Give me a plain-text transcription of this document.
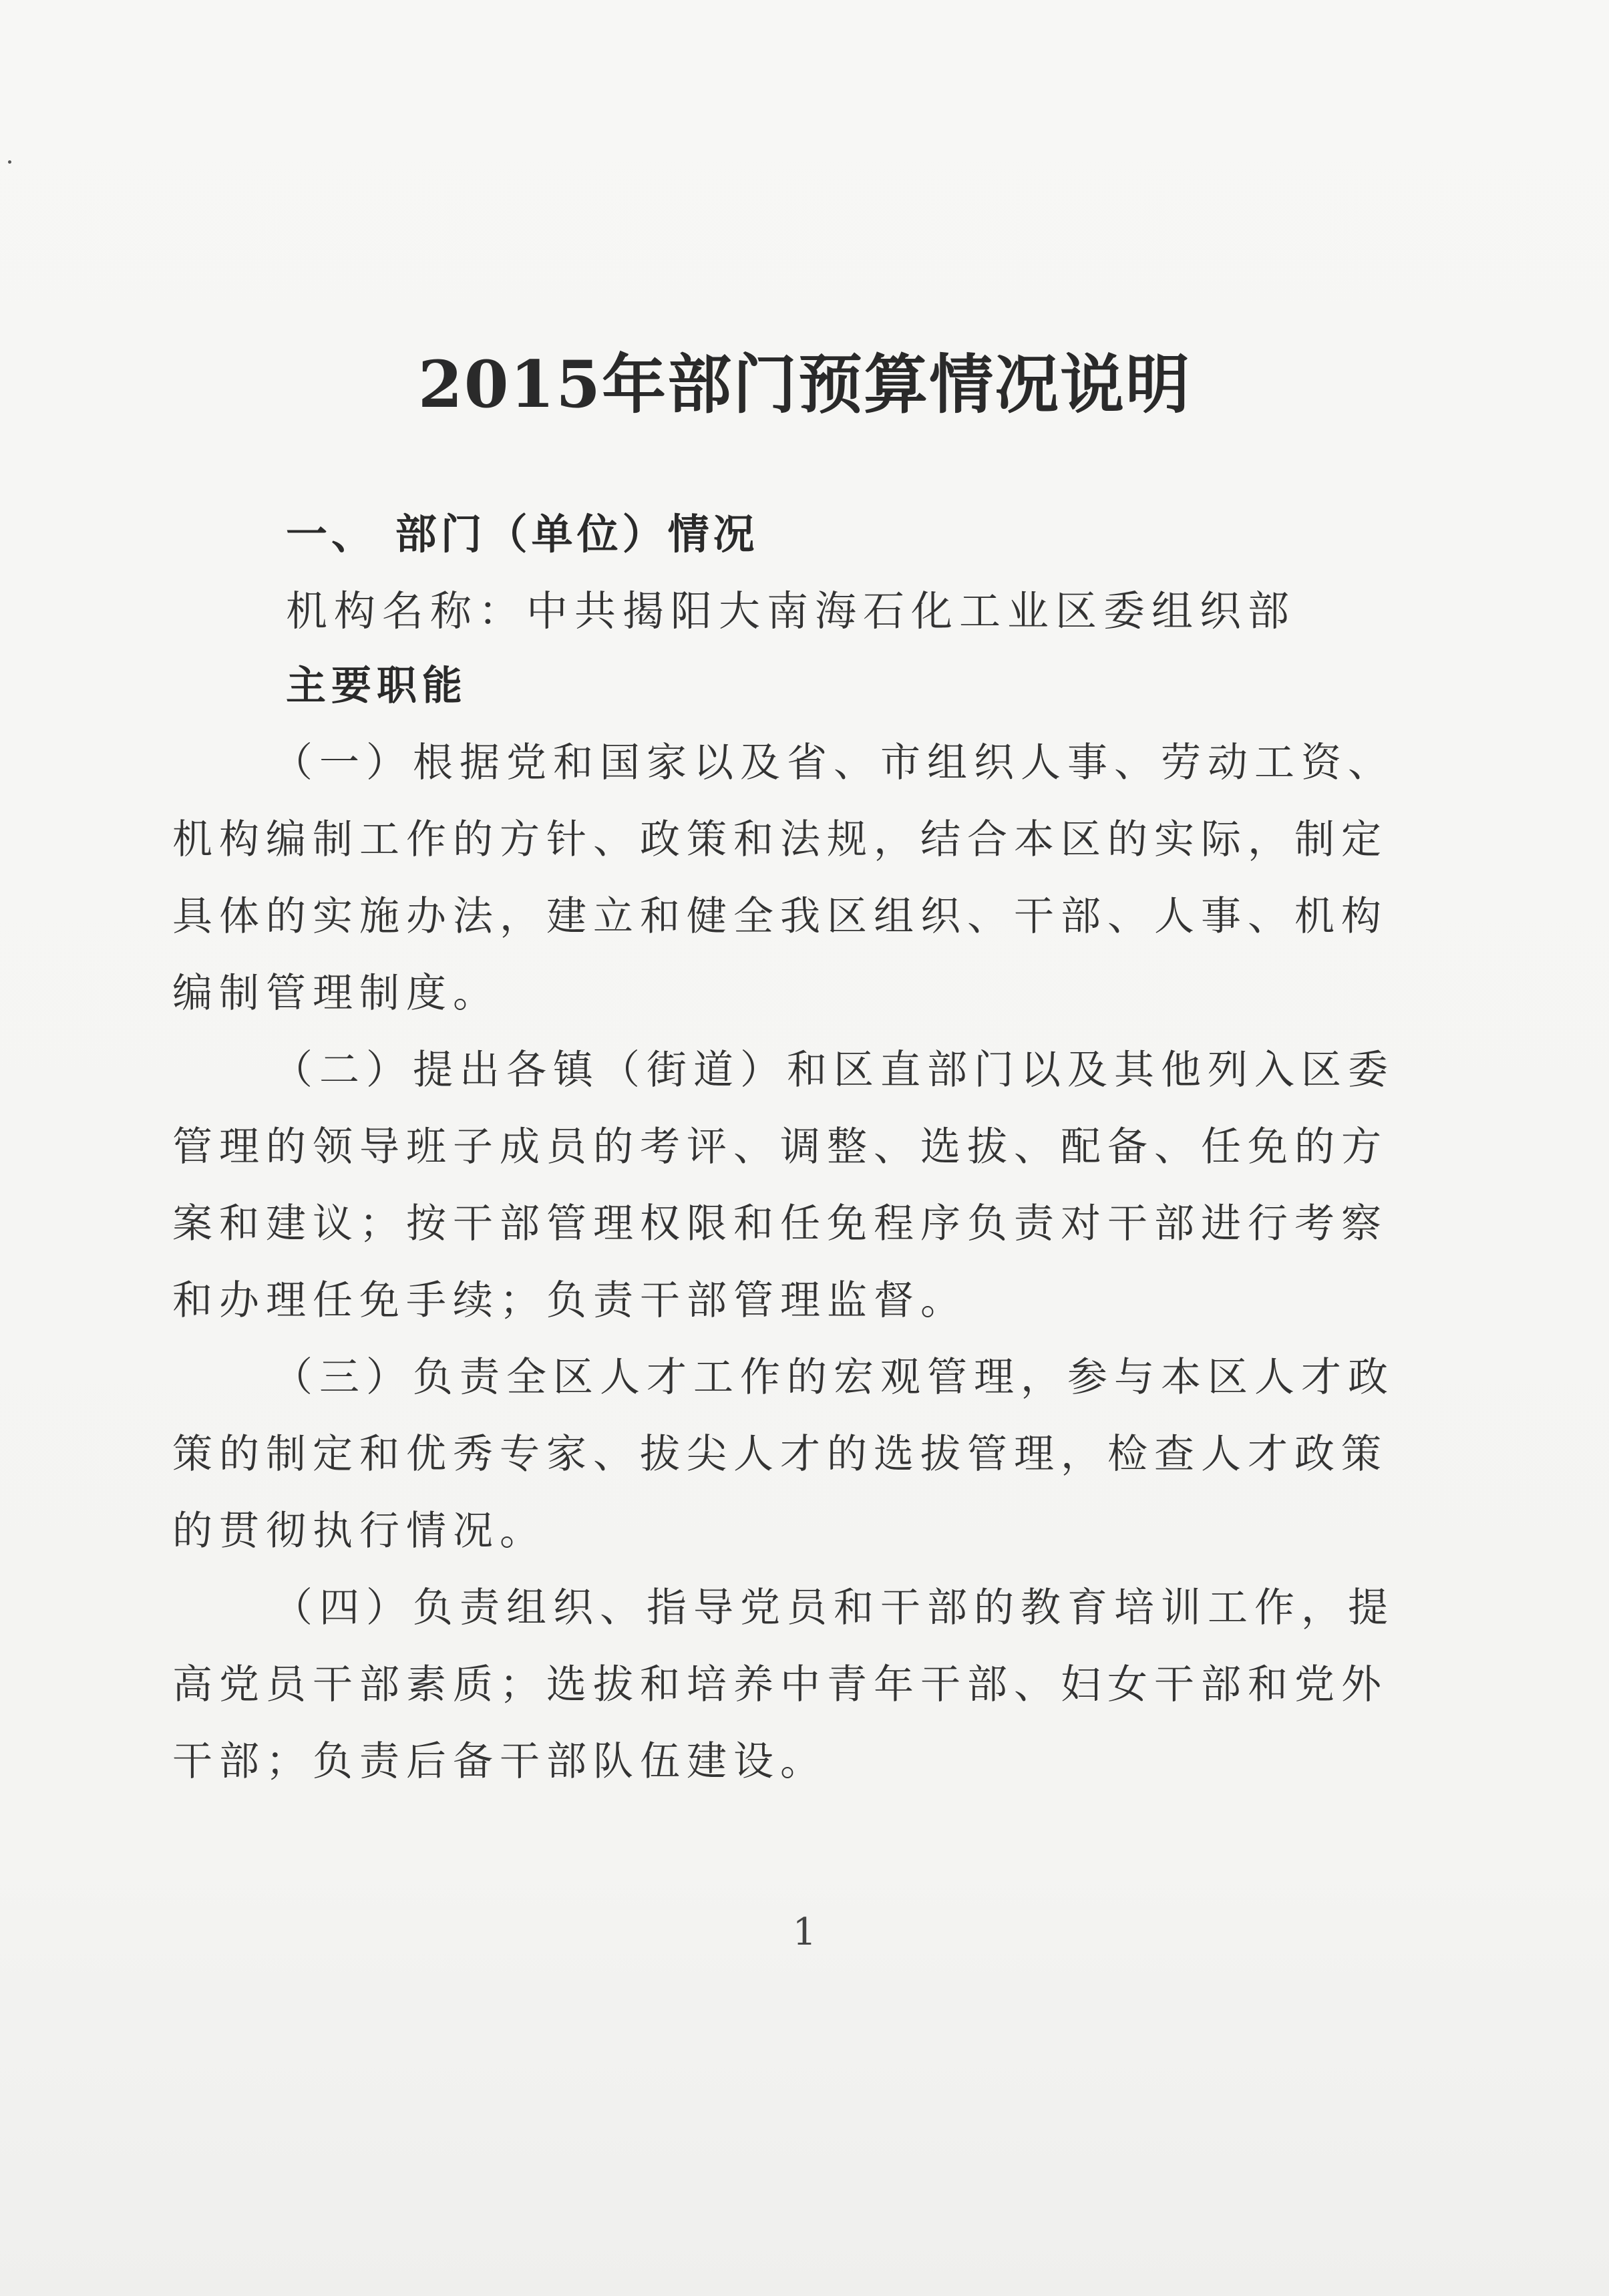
2015年部门预算情况说明
一、 部门（单位）情况
机构名称：中共揭阳大南海石化工业区委组织部
主要职能

（一）根据党和国家以及省、市组织人事、劳动工资、机构编制工作的方针、政策和法规，结合本区的实际，制定具体的实施办法，建立和健全我区组织、干部、人事、机构编制管理制度。

（二）提出各镇（街道）和区直部门以及其他列入区委管理的领导班子成员的考评、调整、选拔、配备、任免的方案和建议；按干部管理权限和任免程序负责对干部进行考察和办理任免手续；负责干部管理监督。

（三）负责全区人才工作的宏观管理，参与本区人才政策的制定和优秀专家、拔尖人才的选拔管理，检查人才政策的贯彻执行情况。

（四）负责组织、指导党员和干部的教育培训工作，提高党员干部素质；选拔和培养中青年干部、妇女干部和党外干部；负责后备干部队伍建设。

1
